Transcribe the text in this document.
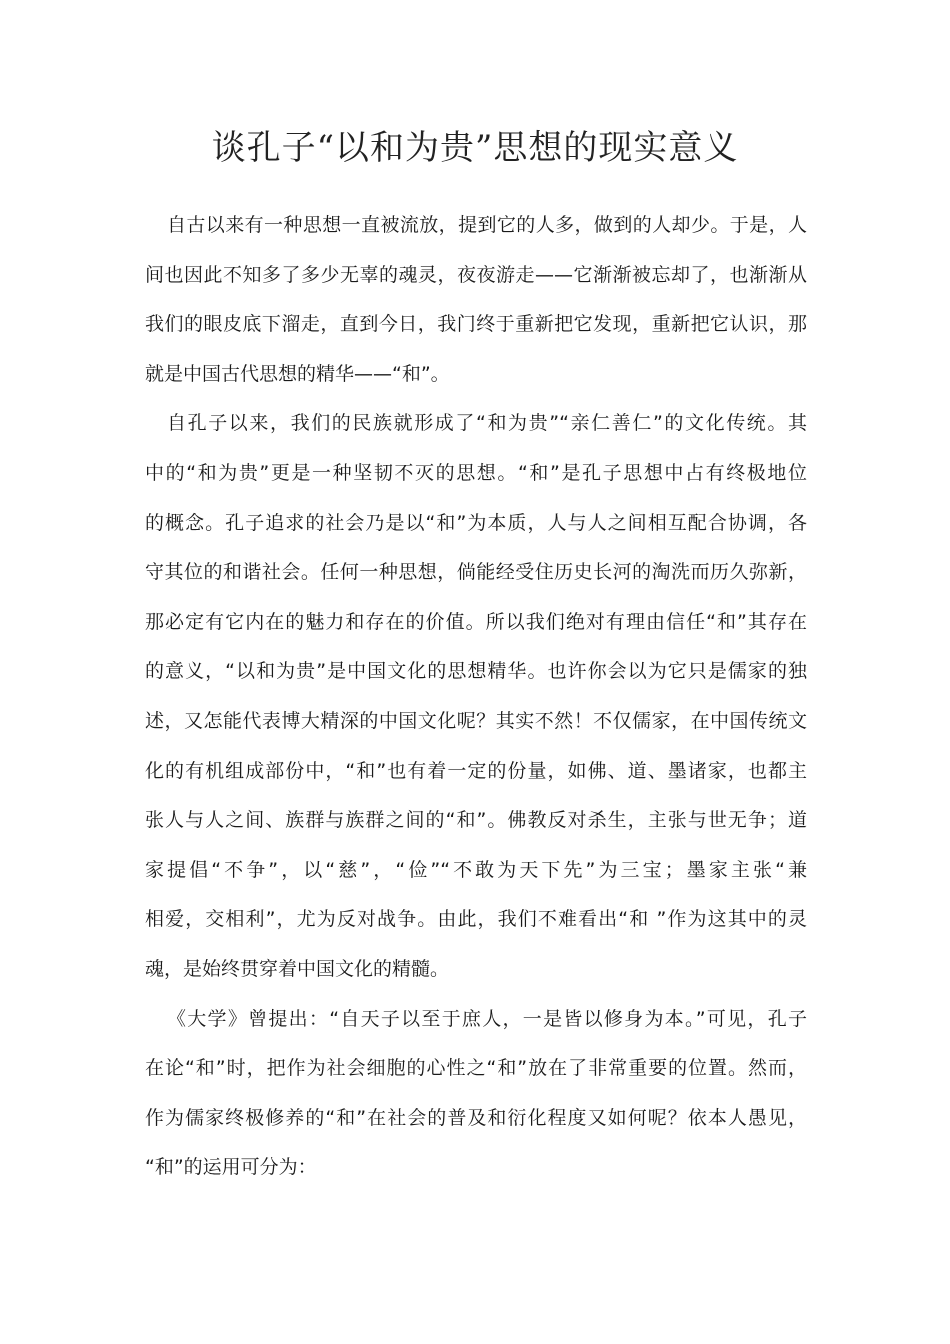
谈孔子“以和为贵”思想的现实意义
自古以来有一种思想一直被流放，提到它的人多，做到的人却少。于是，人
间也因此不知多了多少无辜的魂灵，夜夜游走——它渐渐被忘却了，也渐渐从
我们的眼皮底下溜走，直到今日，我门终于重新把它发现，重新把它认识，那
就是中国古代思想的精华——“和”。
自孔子以来，我们的民族就形成了“和为贵”“亲仁善仁”的文化传统。其
中的“和为贵”更是一种坚韧不灭的思想。“和”是孔子思想中占有终极地位
的概念。孔子追求的社会乃是以“和”为本质，人与人之间相互配合协调，各
守其位的和谐社会。任何一种思想，倘能经受住历史长河的淘洗而历久弥新，
那必定有它内在的魅力和存在的价值。所以我们绝对有理由信任“和”其存在
的意义，“以和为贵”是中国文化的思想精华。也许你会以为它只是儒家的独
述，又怎能代表博大精深的中国文化呢？其实不然！不仅儒家，在中国传统文
化的有机组成部份中，“和”也有着一定的份量，如佛、道、墨诸家，也都主
张人与人之间、族群与族群之间的“和”。佛教反对杀生，主张与世无争；道
家提倡“不争”，以“慈”，“俭”“不敢为天下先”为三宝；墨家主张“兼
相爱，交相利”，尤为反对战争。由此，我们不难看出“和 ”作为这其中的灵
魂，是始终贯穿着中国文化的精髓。
《大学》曾提出：“自天子以至于庶人，一是皆以修身为本。”可见，孔子
在论“和”时，把作为社会细胞的心性之“和”放在了非常重要的位置。然而，
作为儒家终极修养的“和”在社会的普及和衍化程度又如何呢？依本人愚见，
“和”的运用可分为：
